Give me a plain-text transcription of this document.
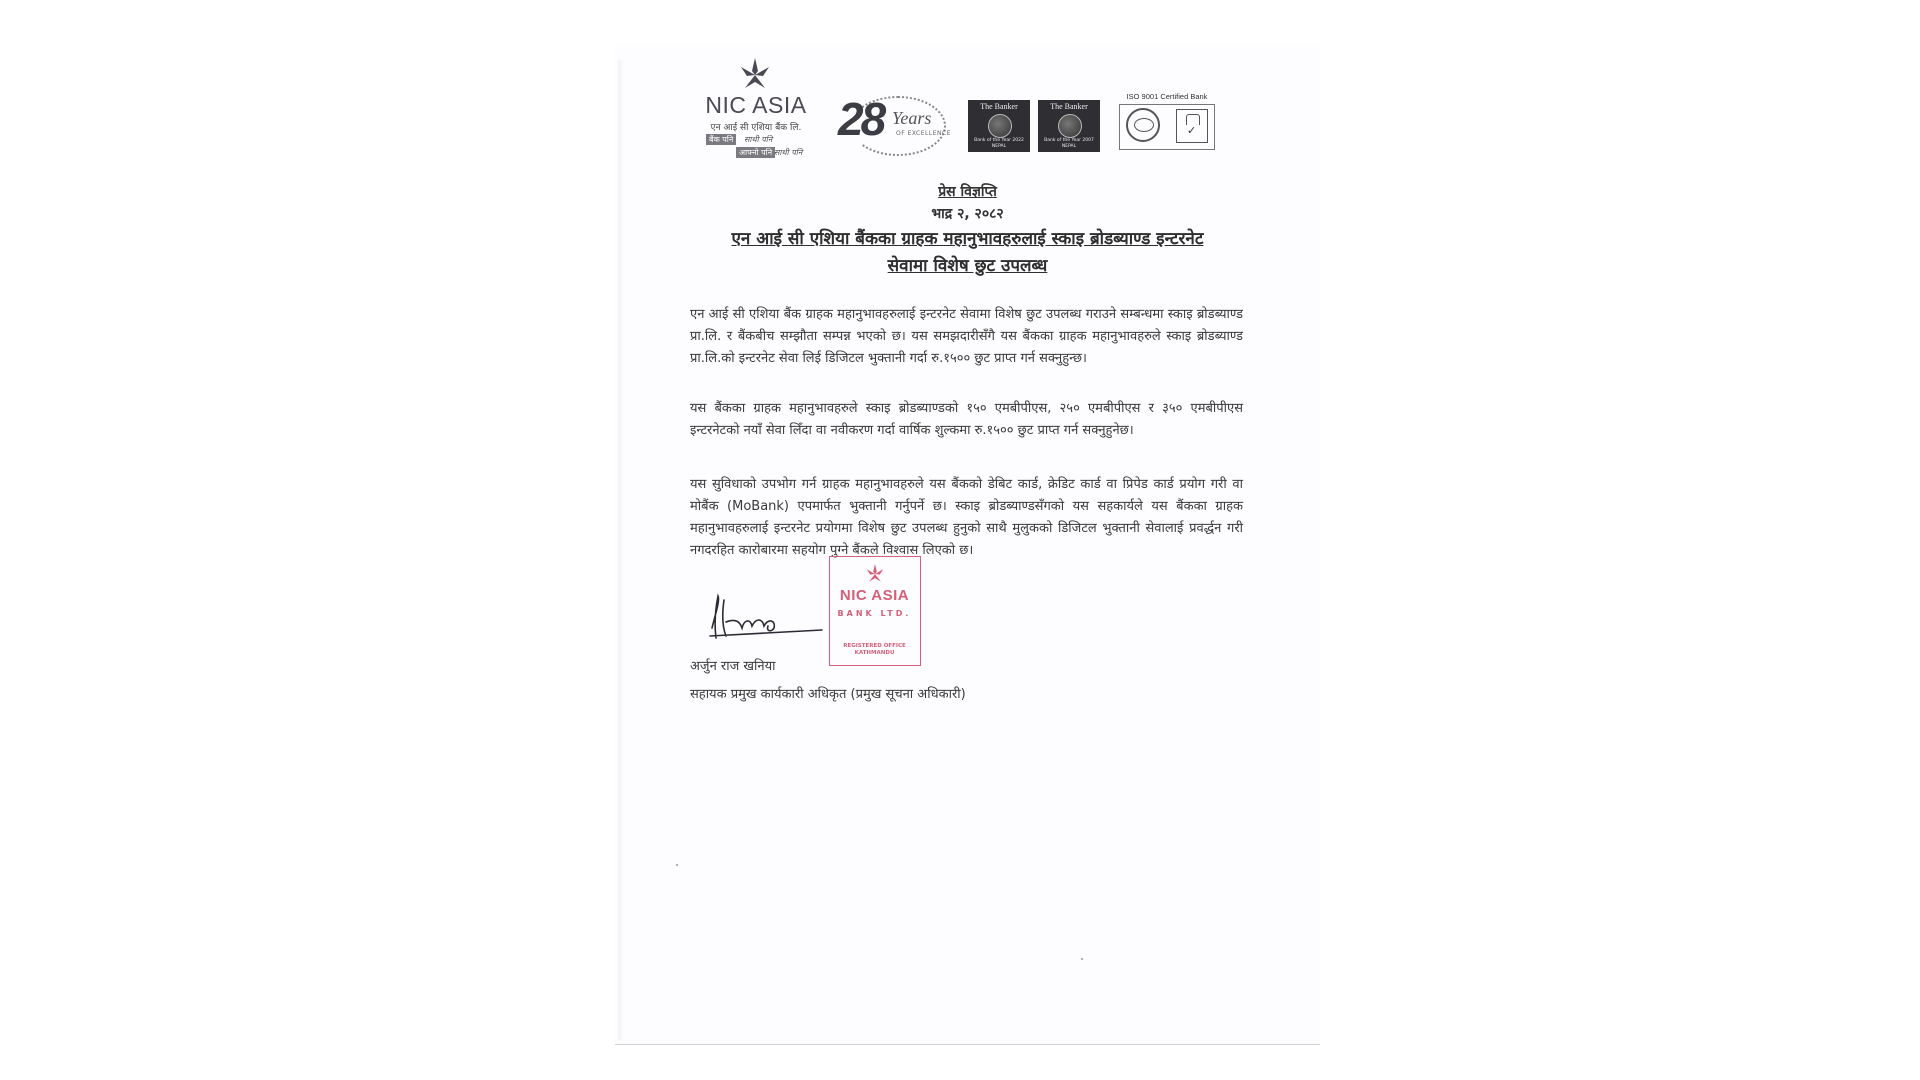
NIC ASIA
एन आई सी एशिया बैंक लि.
बैंक पनि	साथी पनि
आफ्नो पनि साथी पनि
28 Years
OF EXCELLENCE
The Banker
Bank of the Year 2022 NEPAL
The Banker
Bank of the Year 2007 NEPAL
ISO 9001 Certified Bank
✓
प्रेस विज्ञप्ति
भाद्र २, २०८२
एन आई सी एशिया बैंकका ग्राहक महानुभावहरुलाई स्काइ ब्रोडब्याण्ड इन्टरनेट
सेवामा विशेष छुट उपलब्ध
एन आई सी एशिया बैंक ग्राहक महानुभावहरुलाई इन्टरनेट सेवामा विशेष छुट उपलब्ध गराउने सम्बन्धमा स्काइ ब्रोडब्याण्ड प्रा.लि. र बैंकबीच सम्झौता सम्पन्न भएको छ। यस समझदारीसँगै यस बैंकका ग्राहक महानुभावहरुले स्काइ ब्रोडब्याण्ड प्रा.लि.को इन्टरनेट सेवा लिई डिजिटल भुक्तानी गर्दा रु.१५०० छुट प्राप्त गर्न सक्नुहुन्छ।
यस बैंकका ग्राहक महानुभावहरुले स्काइ ब्रोडब्याण्डको १५० एमबीपीएस, २५० एमबीपीएस र ३५० एमबीपीएस इन्टरनेटको नयाँ सेवा लिँदा वा नवीकरण गर्दा वार्षिक शुल्कमा रु.१५०० छुट प्राप्त गर्न सक्नुहुनेछ।
यस सुविधाको उपभोग गर्न ग्राहक महानुभावहरुले यस बैंकको डेबिट कार्ड, क्रेडिट कार्ड वा प्रिपेड कार्ड प्रयोग गरी वा मोबैंक (MoBank) एपमार्फत भुक्तानी गर्नुपर्ने छ। स्काइ ब्रोडब्याण्डसँगको यस सहकार्यले यस बैंकका ग्राहक महानुभावहरुलाई इन्टरनेट प्रयोगमा विशेष छुट उपलब्ध हुनुको साथै मुलुकको डिजिटल भुक्तानी सेवालाई प्रवर्द्धन गरी नगदरहित कारोबारमा सहयोग पुग्ने बैंकले विश्वास लिएको छ।
NIC ASIA
BANK LTD.
REGISTERED OFFICE
KATHMANDU
अर्जुन राज खनिया
सहायक प्रमुख कार्यकारी अधिकृत (प्रमुख सूचना अधिकारी)
